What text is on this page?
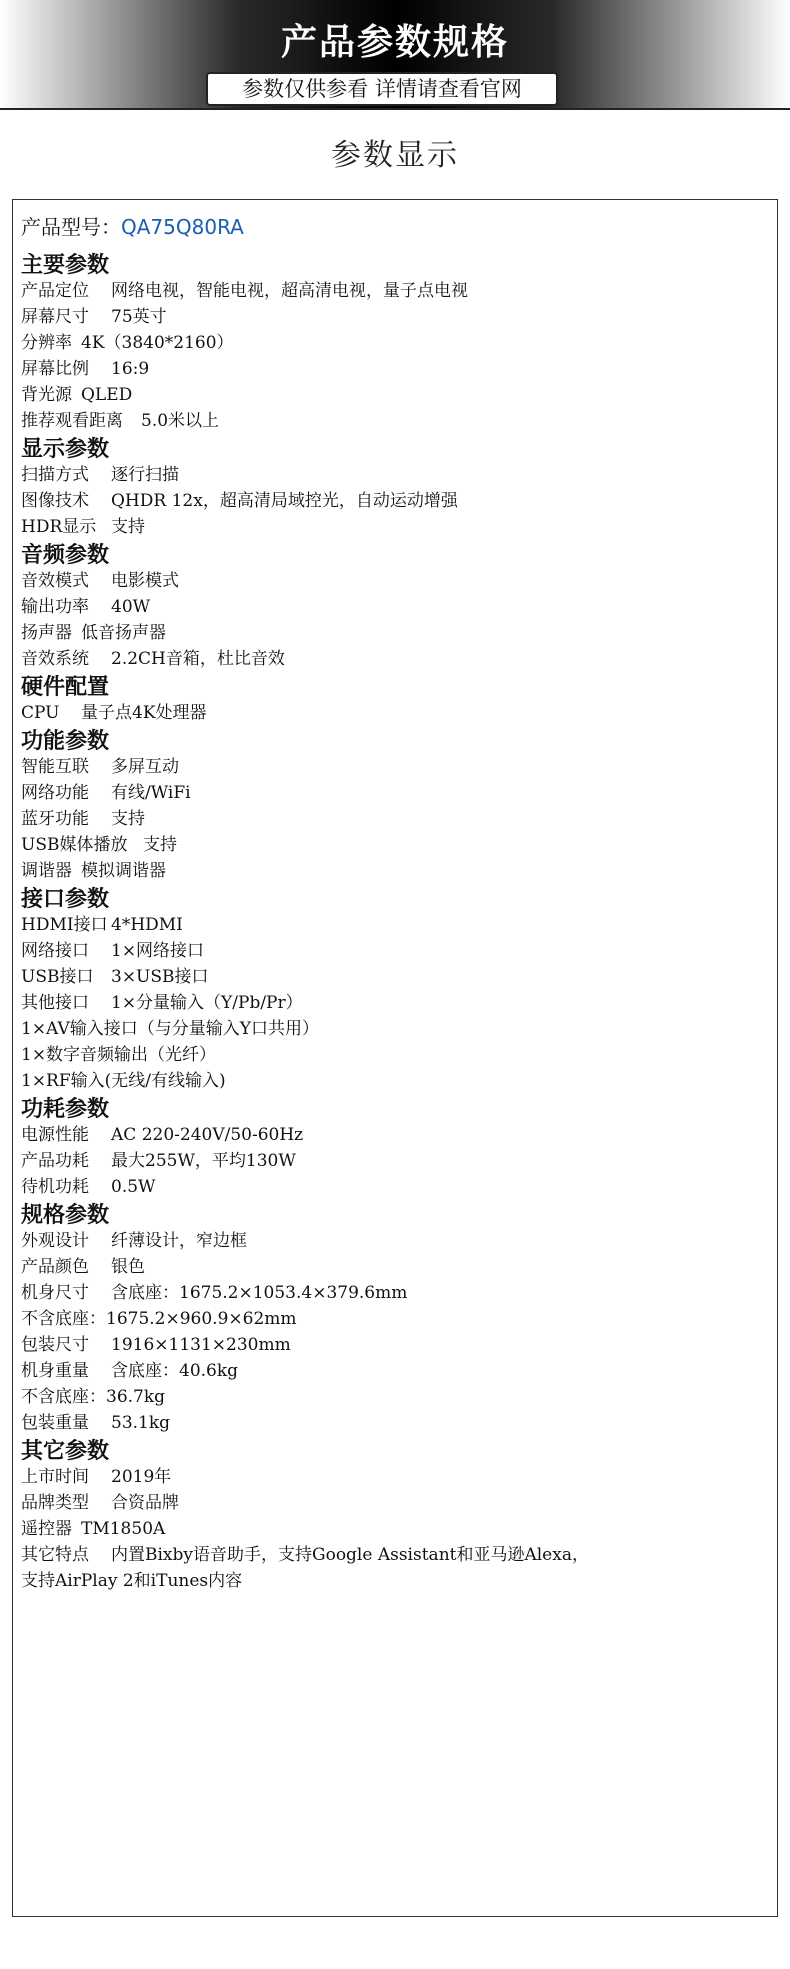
产品参数规格
参数仅供参看 详情请查看官网
参数显示
产品型号：QA75Q80RA
主要参数
产品定位 网络电视，智能电视，超高清电视，量子点电视
屏幕尺寸 75英寸
分辨率 4K（3840*2160）
屏幕比例 16:9
背光源 QLED
推荐观看距离 5.0米以上
显示参数
扫描方式 逐行扫描
图像技术 QHDR 12x，超高清局域控光，自动运动增强
HDR显示 支持
音频参数
音效模式 电影模式
输出功率 40W
扬声器 低音扬声器
音效系统 2.2CH音箱，杜比音效
硬件配置
CPU 量子点4K处理器
功能参数
智能互联 多屏互动
网络功能 有线/WiFi
蓝牙功能 支持
USB媒体播放 支持
调谐器 模拟调谐器
接口参数
HDMI接口 4*HDMI
网络接口 1×网络接口
USB接口 3×USB接口
其他接口 1×分量输入（Y/Pb/Pr）
1×AV输入接口（与分量输入Y口共用）
1×数字音频输出（光纤）
1×RF输入(无线/有线输入)
功耗参数
电源性能 AC 220-240V/50-60Hz
产品功耗 最大255W，平均130W
待机功耗 0.5W
规格参数
外观设计 纤薄设计，窄边框
产品颜色 银色
机身尺寸 含底座：1675.2×1053.4×379.6mm
不含底座：1675.2×960.9×62mm
包装尺寸 1916×1131×230mm
机身重量 含底座：40.6kg
不含底座：36.7kg
包装重量 53.1kg
其它参数
上市时间 2019年
品牌类型 合资品牌
遥控器 TM1850A
其它特点 内置Bixby语音助手，支持Google Assistant和亚马逊Alexa，
支持AirPlay 2和iTunes内容
